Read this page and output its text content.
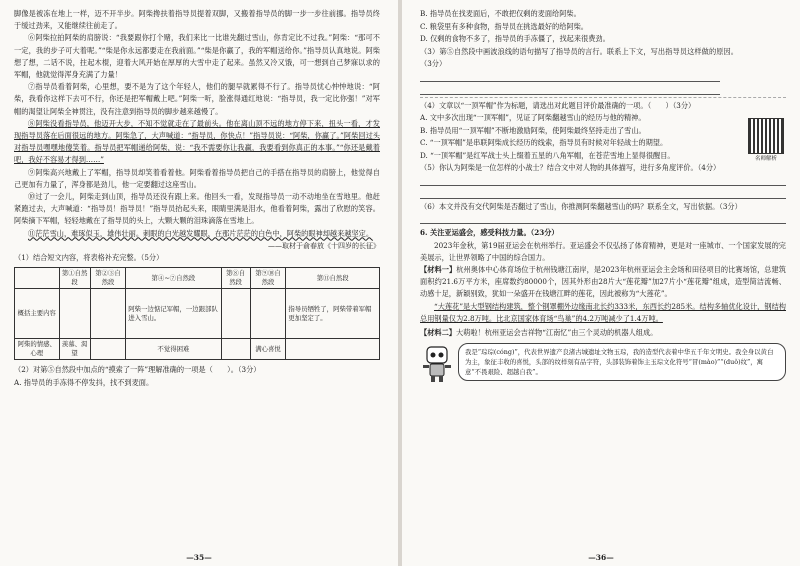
脚像是被冻在地上一样，迈不开半步。阿柴搀扶着指导员提着双脚，又搬着指导员的脚一步一步往前挪。指导员终于缓过劲来，又能继续往前走了。

⑥阿柴拉拍阿柴的肩膀说：“我要跟你打个赌，我们来比一比谁先翻过雪山，你肯定比不过我。”阿柴：“那可不一定，我的步子可大着呢。”“柴是你永远都要走在我前面。”“柴是你赢了，我的军帽送给你。”指导员认真地说。阿柴想了想，二话不说，拄起木棍，迎着大风开始在厚厚的大雪中走了起来。虽然又冷又饿，可一想到自己梦寐以求的军帽，他就觉得浑身充满了力量！

⑦指导员看着阿柴，心里想，要不是为了这个年轻人，他们的腿早就累得不行了。指导员忧心忡忡地说：“阿柴，我看你这样下去可不行，你还是把军帽戴上吧。”阿柴一听，脸涨得通红地说：“指导员，我一定比你强！”对军帽的渴望让阿柴全神贯注，没有注意到指导员的脚步越来越慢了。

⑧阿柴没看指导员，他迈开大步，不知不觉就走在了最前头。他在离山顶不远的地方停下来，扭头一看，才发现指导员落在后面很远的地方。阿柴急了，大声喊道：“指导员，你快点！”指导员说：“阿柴，你赢了。”阿柴回过头对指导员嘿嘿地傻笑着。指导员把军帽递给阿柴，说：“我不需要你让我赢，我要看到你真正的本事。”“你还是戴着吧，我好不容易才得到……”

⑨阿柴高兴地戴上了军帽，指导员却笑着看着他。阿柴看着指导员把自己的手搭在指导员的肩膀上，他觉得自己更加有力量了，浑身都是劲儿，他一定要翻过这座雪山。

⑩过了一会儿，阿柴走到山顶，指导员还没有跟上来。他回头一看，发现指导员一动不动地坐在雪地里。他赶紧跑过去，大声喊道：“指导员！指导员！”指导员抬起头来，眼睛里满是泪水，他看着阿柴，露出了欣慰的笑容。阿柴摘下军帽，轻轻地戴在了指导员的头上，大颗大颗的泪珠滴落在雪地上。

⑪茫茫雪山，难琢似玉，雄伟壮丽。刺眼的白光越发耀眼，在那片茫茫的白色中，阿柴的眼神却越来越坚定。

——取材于俞春放《十四岁的长征》

（1）结合短文内容，将表格补充完整。（5分）

	第①自然段	第②③自然段	第④~⑦自然段	第⑧自然段	第⑨⑩自然段	第⑪自然段
概括主要内容			阿柴一边惦记军帽，一边跟部队进入雪山。			指导员牺牲了，阿柴带着军帽更加坚定了。
阿柴的情感、心理	羡慕、渴望		不觉得困难		满心喜悦	

（2）对第⑤自然段中加点的“摸索了一阵”理解准确的一项是（　　）。（3分）

A. 指导员的手冻得不停发抖，找不到麦面。

—35—

B. 指导员在找麦面后，不敢把仅剩的麦面给阿柴。

C. 粮袋里有多种食物，指导员在挑选最好的给阿柴。

D. 仅剩的食物不多了，指导员的手冻僵了，找起来很费劲。

（3）第⑤自然段中画波浪线的语句描写了指导员的言行。联系上下文，写出指导员这样做的原因。（3分）

名师解析

（4）文章以“一顶军帽”作为标题，请选出对此题目评价最准确的一项。（　　）（3分）

A. 文中多次出现“一顶军帽”，见证了阿柴翻越雪山的经历与他的精神。

B. 指导员用“一顶军帽”不断地激励阿柴，使阿柴最终坚持走出了雪山。

C. “一顶军帽”是串联阿柴成长经历的线索，指导员有时候对年轻战士的期望。

D. “一顶军帽”是红军战士头上缀着五星的八角军帽，在苍茫雪地上显得很醒目。

（5）你认为阿柴是一位怎样的小战士？结合文中对人物的具体描写，进行多角度评价。（4分）

（6）本文并没有交代阿柴是否翻过了雪山，你推测阿柴翻越雪山的吗？联系全文，写出依据。（3分）

6. 关注亚运盛会，感受科技力量。（23分）

2023年金秋，第19届亚运会在杭州举行。亚运盛会不仅弘扬了体育精神，更是对一座城市、一个国家发展的完美展示，让世界领略了中国的综合国力。

【材料一】杭州奥体中心体育场位于杭州钱塘江南岸，是2023年杭州亚运会主会场和田径项目的比赛场馆，总建筑面积约21.6万平方米，座席数约80000个，因其外形由28片大“莲花瓣”加27片小“莲花瓣”组成，造型简洁流畅、动感十足，新颖别致，犹如一朵盛开在钱塘江畔的莲花，因此被称为“大莲花”。

“大莲花”是大型钢结构建筑，整个钢罩棚外边缘南北长约333米，东西长约285米。结构多轴优化设计，钢结构总用钢量仅为2.8万吨。比北京国家体育场“鸟巢”的4.2万吨减少了1.4万吨。

【材料二】大萌啦！杭州亚运会吉祥物“江南忆”由三个灵动的机器人组成。

我是“琮琮(cóng)”，代表世界遗产良渚古城遗址文物玉琮，我的造型代表着中华五千年文明史。我全身以黄白为主，象征丰收的喜悦，头部的纹样刻有品字符，头部装饰着饰主玉琮文化符号“冒(mào)”“(duǒ)纹”，寓意“不畏艰险、超越自我”。
—36—
